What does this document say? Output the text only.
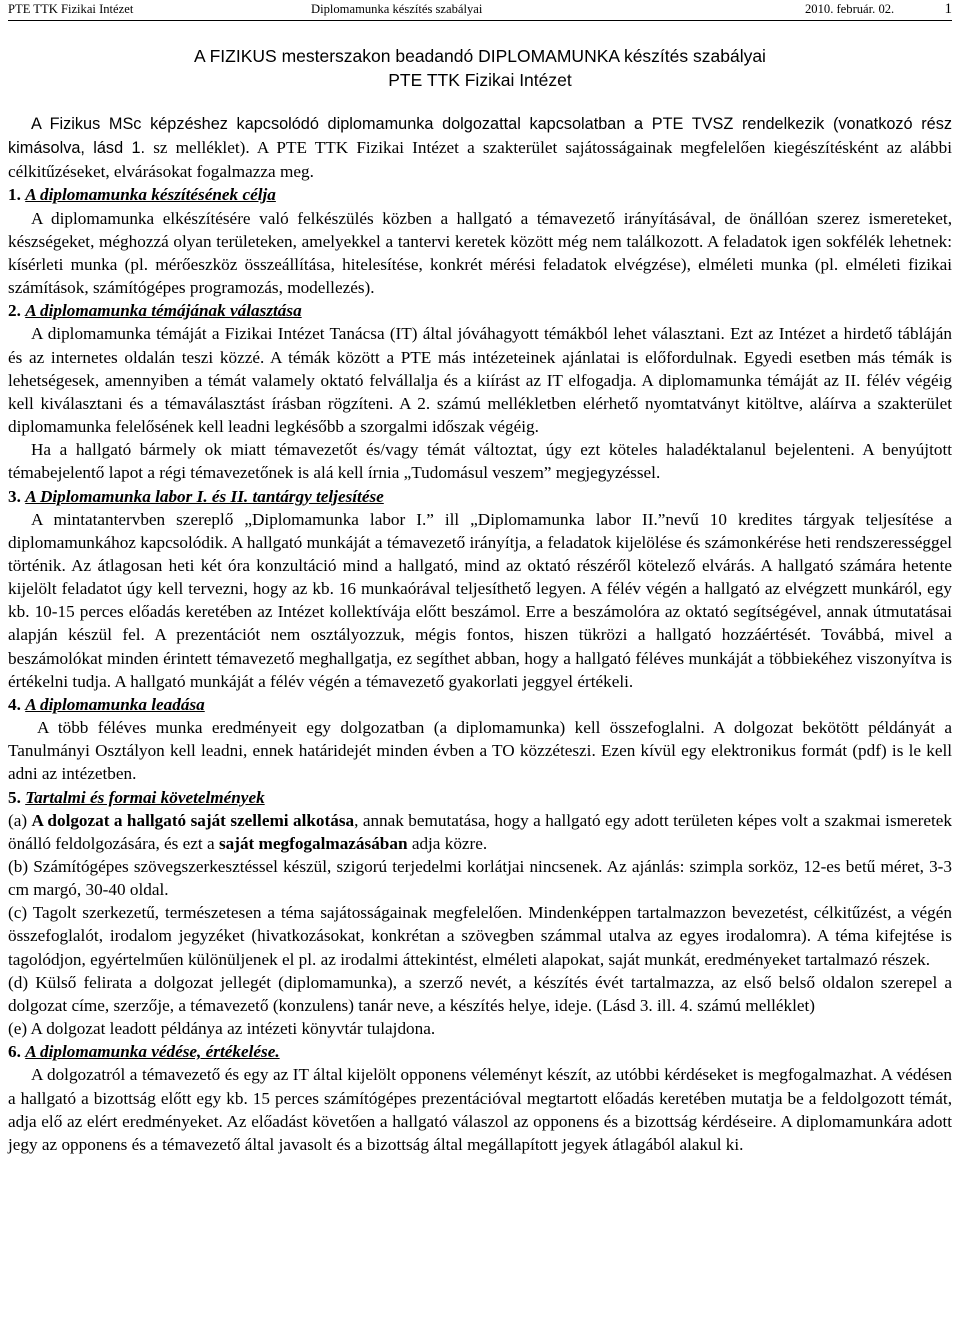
PTE TTK Fizikai Intézet	Diplomamunka készítés szabályai	2010. február. 02.	1
A FIZIKUS mesterszakon beadandó DIPLOMAMUNKA készítés szabályai
PTE TTK Fizikai Intézet

A Fizikus MSc képzéshez kapcsolódó diplomamunka dolgozattal kapcsolatban a PTE TVSZ rendelkezik (vonatkozó rész kimásolva, lásd 1. sz melléklet). A PTE TTK Fizikai Intézet a szakterület sajátosságainak megfelelően kiegészítésként az alábbi célkitűzéseket, elvárásokat fogalmazza meg.

1. A diplomamunka készítésének célja

A diplomamunka elkészítésére való felkészülés közben a hallgató a témavezető irányításával, de önállóan szerez ismereteket, készségeket, méghozzá olyan területeken, amelyekkel a tantervi keretek között még nem találkozott. A feladatok igen sokfélék lehetnek: kísérleti munka (pl. mérőeszköz összeállítása, hitelesítése, konkrét mérési feladatok elvégzése), elméleti munka (pl. elméleti fizikai számítások, számítógépes programozás, modellezés).

2. A diplomamunka témájának választása

A diplomamunka témáját a Fizikai Intézet Tanácsa (IT) által jóváhagyott témákból lehet választani. Ezt az Intézet a hirdető tábláján és az internetes oldalán teszi közzé. A témák között a PTE más intézeteinek ajánlatai is előfordulnak. Egyedi esetben más témák is lehetségesek, amennyiben a témát valamely oktató felvállalja és a kiírást az IT elfogadja. A diplomamunka témáját az II. félév végéig kell kiválasztani és a témaválasztást írásban rögzíteni. A 2. számú mellékletben elérhető nyomtatványt kitöltve, aláírva a szakterület diplomamunka felelősének kell leadni legkésőbb a szorgalmi időszak végéig.

Ha a hallgató bármely ok miatt témavezetőt és/vagy témát változtat, úgy ezt köteles haladéktalanul bejelenteni. A benyújtott témabejelentő lapot a régi témavezetőnek is alá kell írnia „Tudomásul veszem” megjegyzéssel.

3. A Diplomamunka labor I. és II. tantárgy teljesítése

A mintatantervben szereplő „Diplomamunka labor I.” ill „Diplomamunka labor II.”nevű 10 kredites tárgyak teljesítése a diplomamunkához kapcsolódik. A hallgató munkáját a témavezető irányítja, a feladatok kijelölése és számonkérése heti rendszerességgel történik. Az átlagosan heti két óra konzultáció mind a hallgató, mind az oktató részéről kötelező elvárás. A hallgató számára hetente kijelölt feladatot úgy kell tervezni, hogy az kb. 16 munkaórával teljesíthető legyen. A félév végén a hallgató az elvégzett munkáról, egy kb. 10-15 perces előadás keretében az Intézet kollektívája előtt beszámol. Erre a beszámolóra az oktató segítségével, annak útmutatásai alapján készül fel. A prezentációt nem osztályozzuk, mégis fontos, hiszen tükrözi a hallgató hozzáértését. Továbbá, mivel a beszámolókat minden érintett témavezető meghallgatja, ez segíthet abban, hogy a hallgató féléves munkáját a többiekéhez viszonyítva is értékelni tudja. A hallgató munkáját a félév végén a témavezető gyakorlati jeggyel értékeli.

4. A diplomamunka leadása

A több féléves munka eredményeit egy dolgozatban (a diplomamunka) kell összefoglalni. A dolgozat bekötött példányát a Tanulmányi Osztályon kell leadni, ennek határidejét minden évben a TO közzéteszi. Ezen kívül egy elektronikus formát (pdf) is le kell adni az intézetben.

5. Tartalmi és formai követelmények

(a) A dolgozat a hallgató saját szellemi alkotása, annak bemutatása, hogy a hallgató egy adott területen képes volt a szakmai ismeretek önálló feldolgozására, és ezt a saját megfogalmazásában adja közre.

(b) Számítógépes szövegszerkesztéssel készül, szigorú terjedelmi korlátjai nincsenek. Az ajánlás: szimpla sorköz, 12-es betű méret, 3-3 cm margó, 30-40 oldal.

(c) Tagolt szerkezetű, természetesen a téma sajátosságainak megfelelően. Mindenképpen tartalmazzon bevezetést, célkitűzést, a végén összefoglalót, irodalom jegyzéket (hivatkozásokat, konkrétan a szövegben számmal utalva az egyes irodalomra). A téma kifejtése is tagolódjon, egyértelműen különüljenek el pl. az irodalmi áttekintést, elméleti alapokat, saját munkát, eredményeket tartalmazó részek.

(d) Külső felirata a dolgozat jellegét (diplomamunka), a szerző nevét, a készítés évét tartalmazza, az első belső oldalon szerepel a dolgozat címe, szerzője, a témavezető (konzulens) tanár neve, a készítés helye, ideje. (Lásd 3. ill. 4. számú melléklet)

(e) A dolgozat leadott példánya az intézeti könyvtár tulajdona.

6. A diplomamunka védése, értékelése.

A dolgozatról a témavezető és egy az IT által kijelölt opponens véleményt készít, az utóbbi kérdéseket is megfogalmazhat. A védésen a hallgató a bizottság előtt egy kb. 15 perces számítógépes prezentációval megtartott előadás keretében mutatja be a feldolgozott témát, adja elő az elért eredményeket. Az előadást követően a hallgató válaszol az opponens és a bizottság kérdéseire. A diplomamunkára adott jegy az opponens és a témavezető által javasolt és a bizottság által megállapított jegyek átlagából alakul ki.
